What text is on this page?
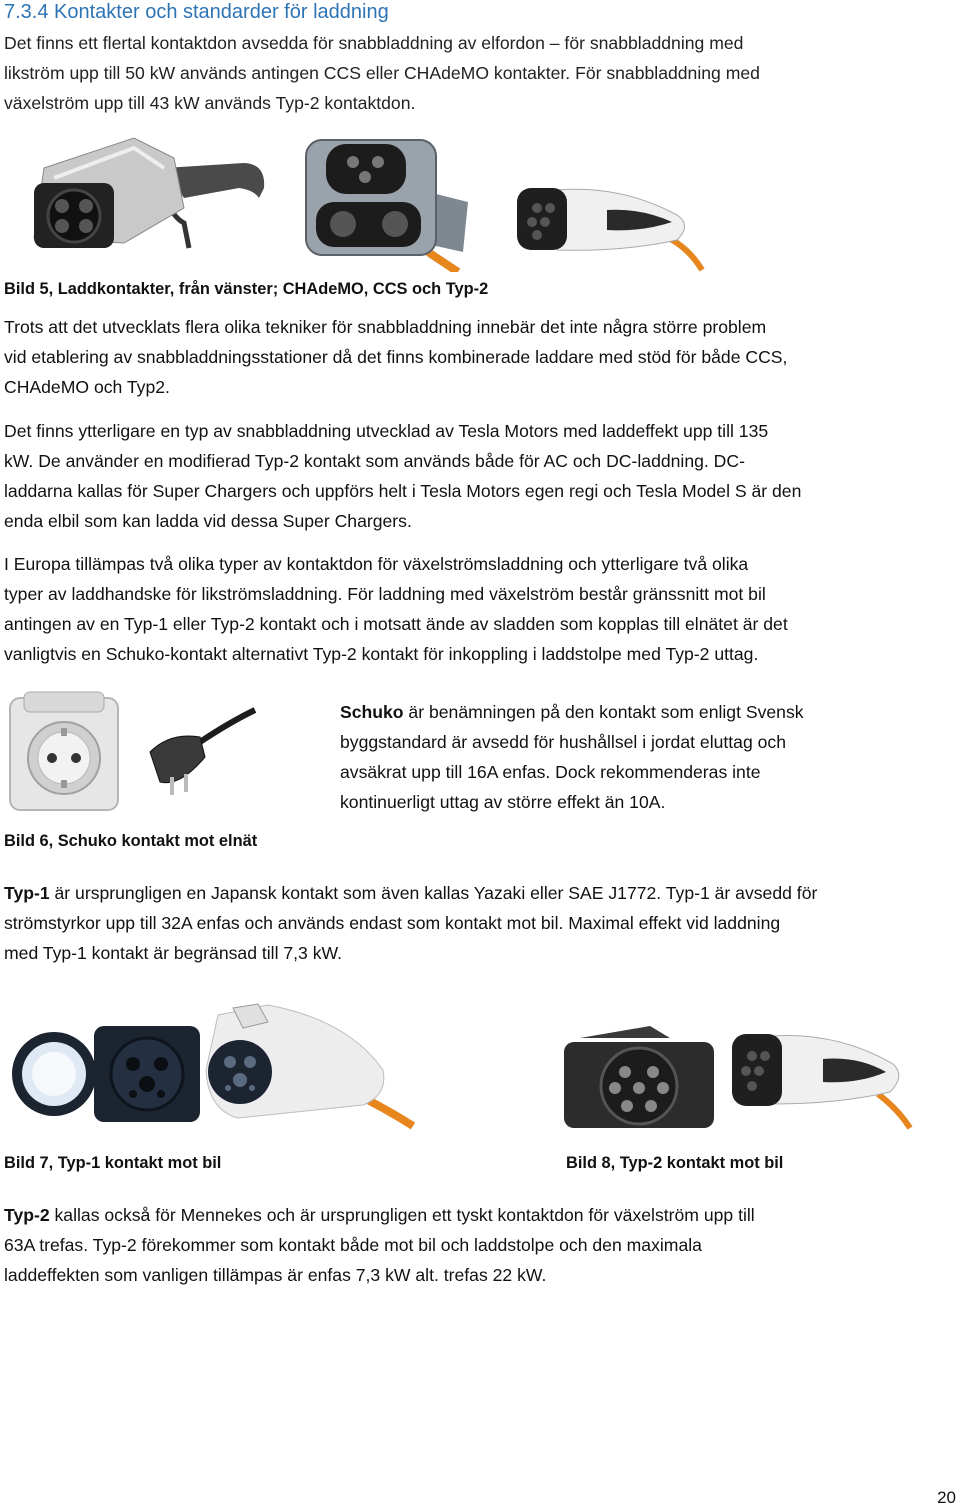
7.3.4 Kontakter och standarder för laddning
Det finns ett flertal kontaktdon avsedda för snabbladdning av elfordon – för snabbladdning med
likström upp till 50 kW används antingen CCS eller CHAdeMO kontakter. För snabbladdning med
växelström upp till 43 kW används Typ-2 kontaktdon.
Bild 5, Laddkontakter, från vänster; CHAdeMO, CCS och Typ-2
Trots att det utvecklats flera olika tekniker för snabbladdning innebär det inte några större problem
vid etablering av snabbladdningsstationer då det finns kombinerade laddare med stöd för både CCS,
CHAdeMO och Typ2.
Det finns ytterligare en typ av snabbladdning utvecklad av Tesla Motors med laddeffekt upp till 135
kW. De använder en modifierad Typ-2 kontakt som används både för AC och DC-laddning. DC-
laddarna kallas för Super Chargers och uppförs helt i Tesla Motors egen regi och Tesla Model S är den
enda elbil som kan ladda vid dessa Super Chargers.
I Europa tillämpas två olika typer av kontaktdon för växelströmsladdning och ytterligare två olika
typer av laddhandske för likströmsladdning. För laddning med växelström består gränssnitt mot bil
antingen av en Typ-1 eller Typ-2 kontakt och i motsatt ände av sladden som kopplas till elnätet är det
vanligtvis en Schuko-kontakt alternativt Typ-2 kontakt för inkoppling i laddstolpe med Typ-2 uttag.
Bild 6, Schuko kontakt mot elnät
Schuko är benämningen på den kontakt som enligt Svensk
byggstandard är avsedd för hushållsel i jordat eluttag och
avsäkrat upp till 16A enfas. Dock rekommenderas inte
kontinuerligt uttag av större effekt än 10A.
Typ-1 är ursprungligen en Japansk kontakt som även kallas Yazaki eller SAE J1772. Typ-1 är avsedd för
strömstyrkor upp till 32A enfas och används endast som kontakt mot bil. Maximal effekt vid laddning
med Typ-1 kontakt är begränsad till 7,3 kW.
Bild 7, Typ-1 kontakt mot bil	Bild 8, Typ-2 kontakt mot bil
Typ-2 kallas också för Mennekes och är ursprungligen ett tyskt kontaktdon för växelström upp till
63A trefas. Typ-2 förekommer som kontakt både mot bil och laddstolpe och den maximala
laddeffekten som vanligen tillämpas är enfas 7,3 kW alt. trefas 22 kW.
20
